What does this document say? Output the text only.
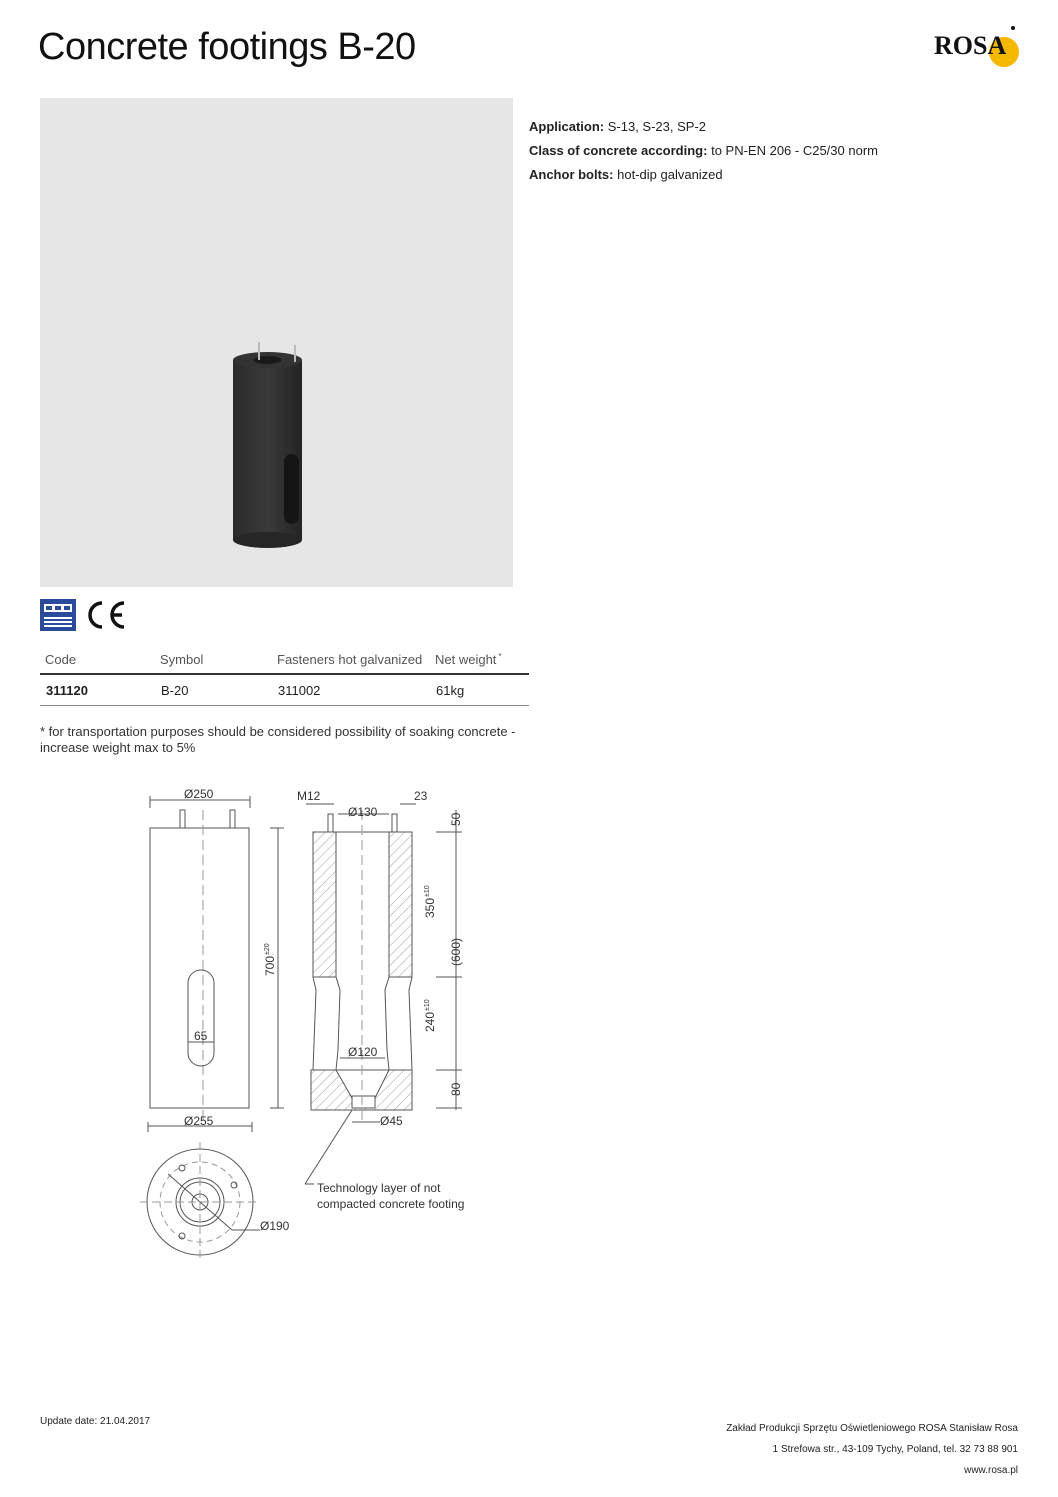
Concrete footings B-20	ROSA
Application: S-13, S-23, SP-2
Class of concrete according: to PN-EN 206 - C25/30 norm
Anchor bolts: hot-dip galvanized
Code	Symbol	Fasteners hot galvanized	Net weight *
311120	B-20	311002	61kg
* for transportation purposes should be considered possibility of soaking concrete - increase weight max to 5%
Ø250
65
Ø255
700
±20
M12
Ø130
23
50
350
±10
(600)
240
±10
Ø120
80
Ø45
Ø190
Technology layer of not
compacted concrete footing
Update date: 21.04.2017
Zakład Produkcji Sprzętu Oświetleniowego ROSA Stanisław Rosa
1 Strefowa str., 43-109 Tychy, Poland, tel. 32 73 88 901
www.rosa.pl
